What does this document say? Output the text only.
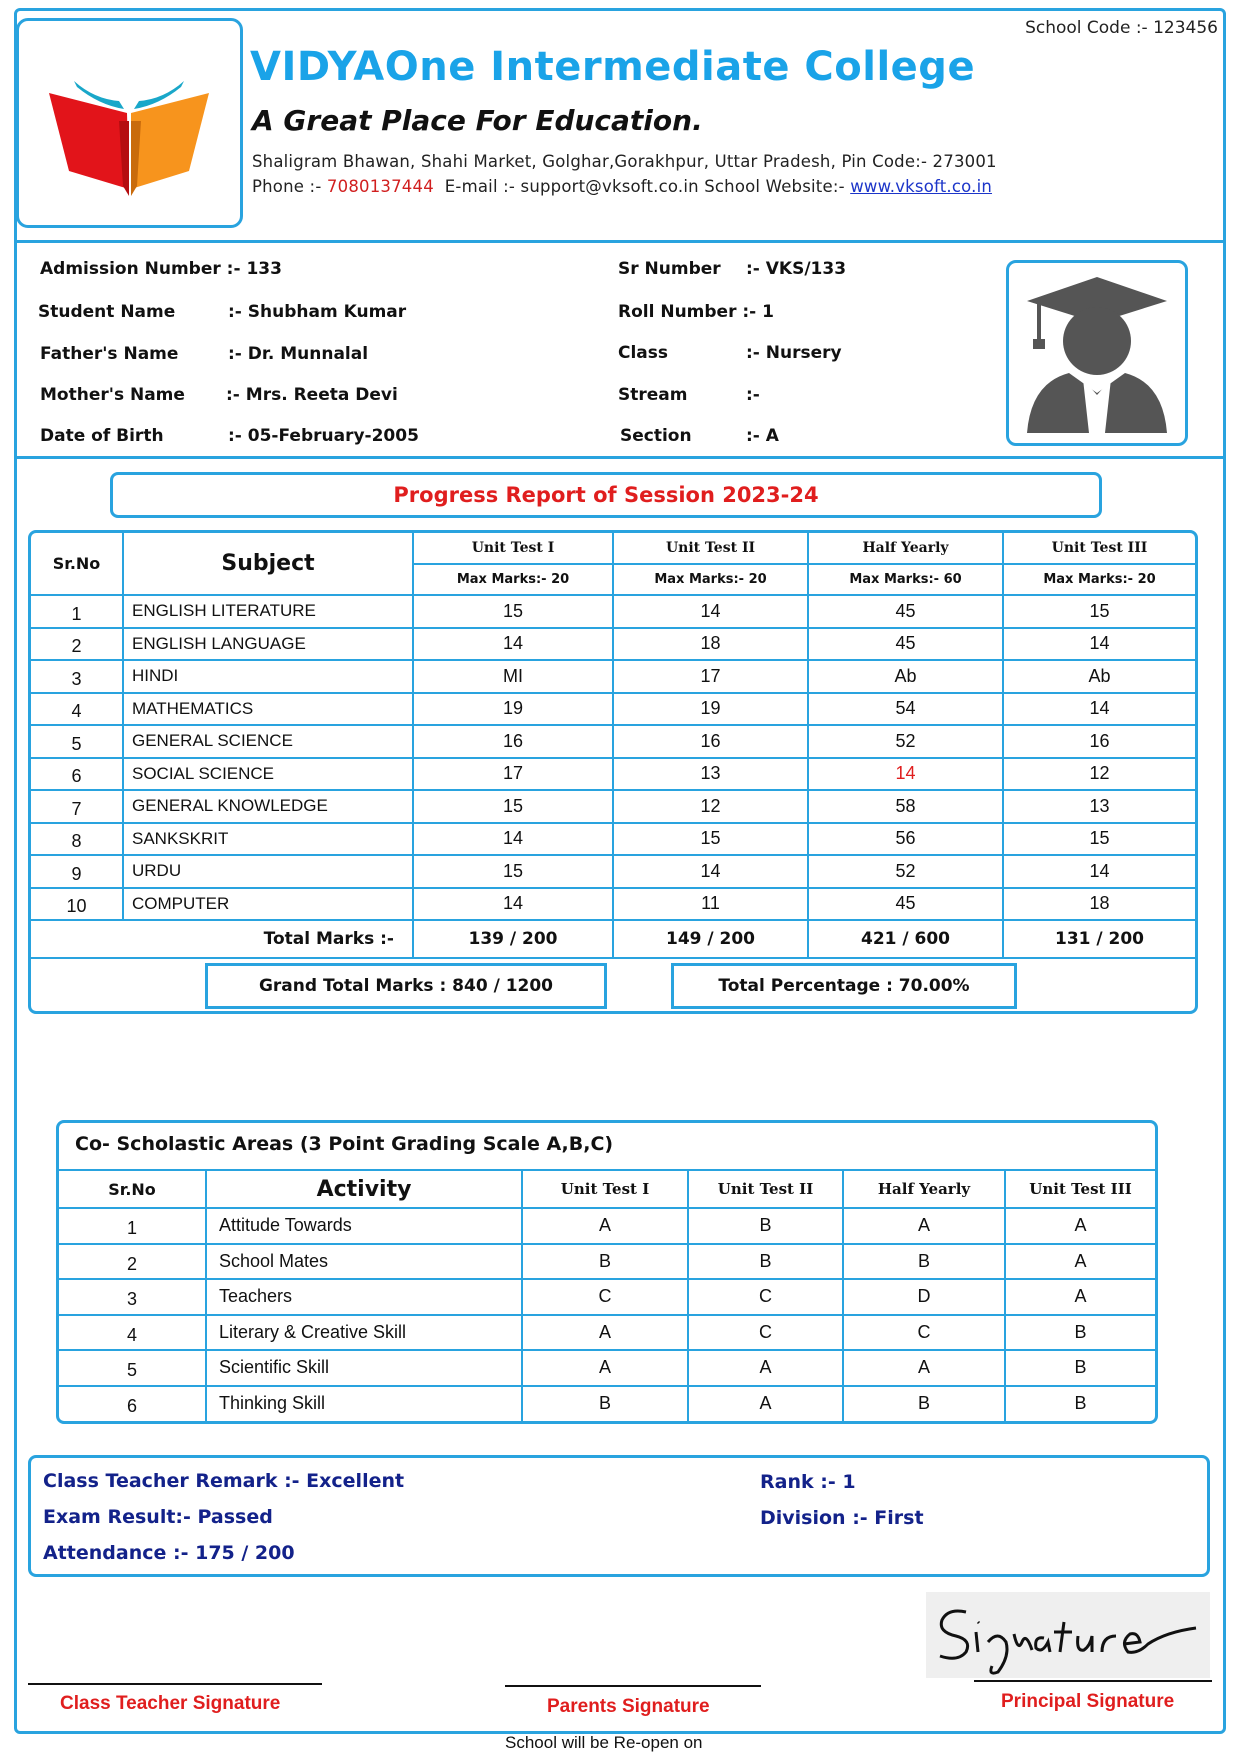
School Code :- 123456
VIDYAOne Intermediate College
A Great Place For Education.
Shaligram Bhawan, Shahi Market, Golghar,Gorakhpur, Uttar Pradesh, Pin Code:- 273001
Phone :- 7080137444 E-mail :- support@vksoft.co.in School Website:- www.vksoft.co.in
Admission Number :- 133
Student Name	:- Shubham Kumar
Father's Name	:- Dr. Munnalal
Mother's Name :- Mrs. Reeta Devi
Date of Birth	:- 05-February-2005
Sr Number :- VKS/133
Roll Number :- 1
Class	:- Nursery
Stream	:-
Section	:- A
Progress Report of Session 2023-24
Sr.No	Subject	Unit Test I	Unit Test II	Half Yearly	Unit Test III
		Max Marks:- 20	Max Marks:- 20	Max Marks:- 60	Max Marks:- 20
1	ENGLISH LITERATURE	15	14	45	15
2	ENGLISH LANGUAGE	14	18	45	14
3	HINDI	MI	17	Ab	Ab
4	MATHEMATICS	19	19	54	14
5	GENERAL SCIENCE	16	16	52	16
6	SOCIAL SCIENCE	17	13	14	12
7	GENERAL KNOWLEDGE	15	12	58	13
8	SANKSKRIT	14	15	56	15
9	URDU	15	14	52	14
10	COMPUTER	14	11	45	18
Total Marks :-		139 / 200	149 / 200	421 / 600	131 / 200
Grand Total Marks : 840 / 1200	Total Percentage : 70.00%
Co- Scholastic Areas (3 Point Grading Scale A,B,C)
Sr.No	Activity	Unit Test I	Unit Test II	Half Yearly	Unit Test III
1	Attitude Towards	A	B	A	A
2	School Mates	B	B	B	A
3	Teachers	C	C	D	A
4	Literary & Creative Skill	A	C	C	B
5	Scientific Skill	A	A	A	B
6	Thinking Skill	B	A	B	B
Class Teacher Remark :- Excellent
Exam Result:- Passed
Attendance :- 175 / 200
Rank :- 1
Division :- First
Class Teacher Signature	Parents Signature	Principal Signature
School will be Re-open on
